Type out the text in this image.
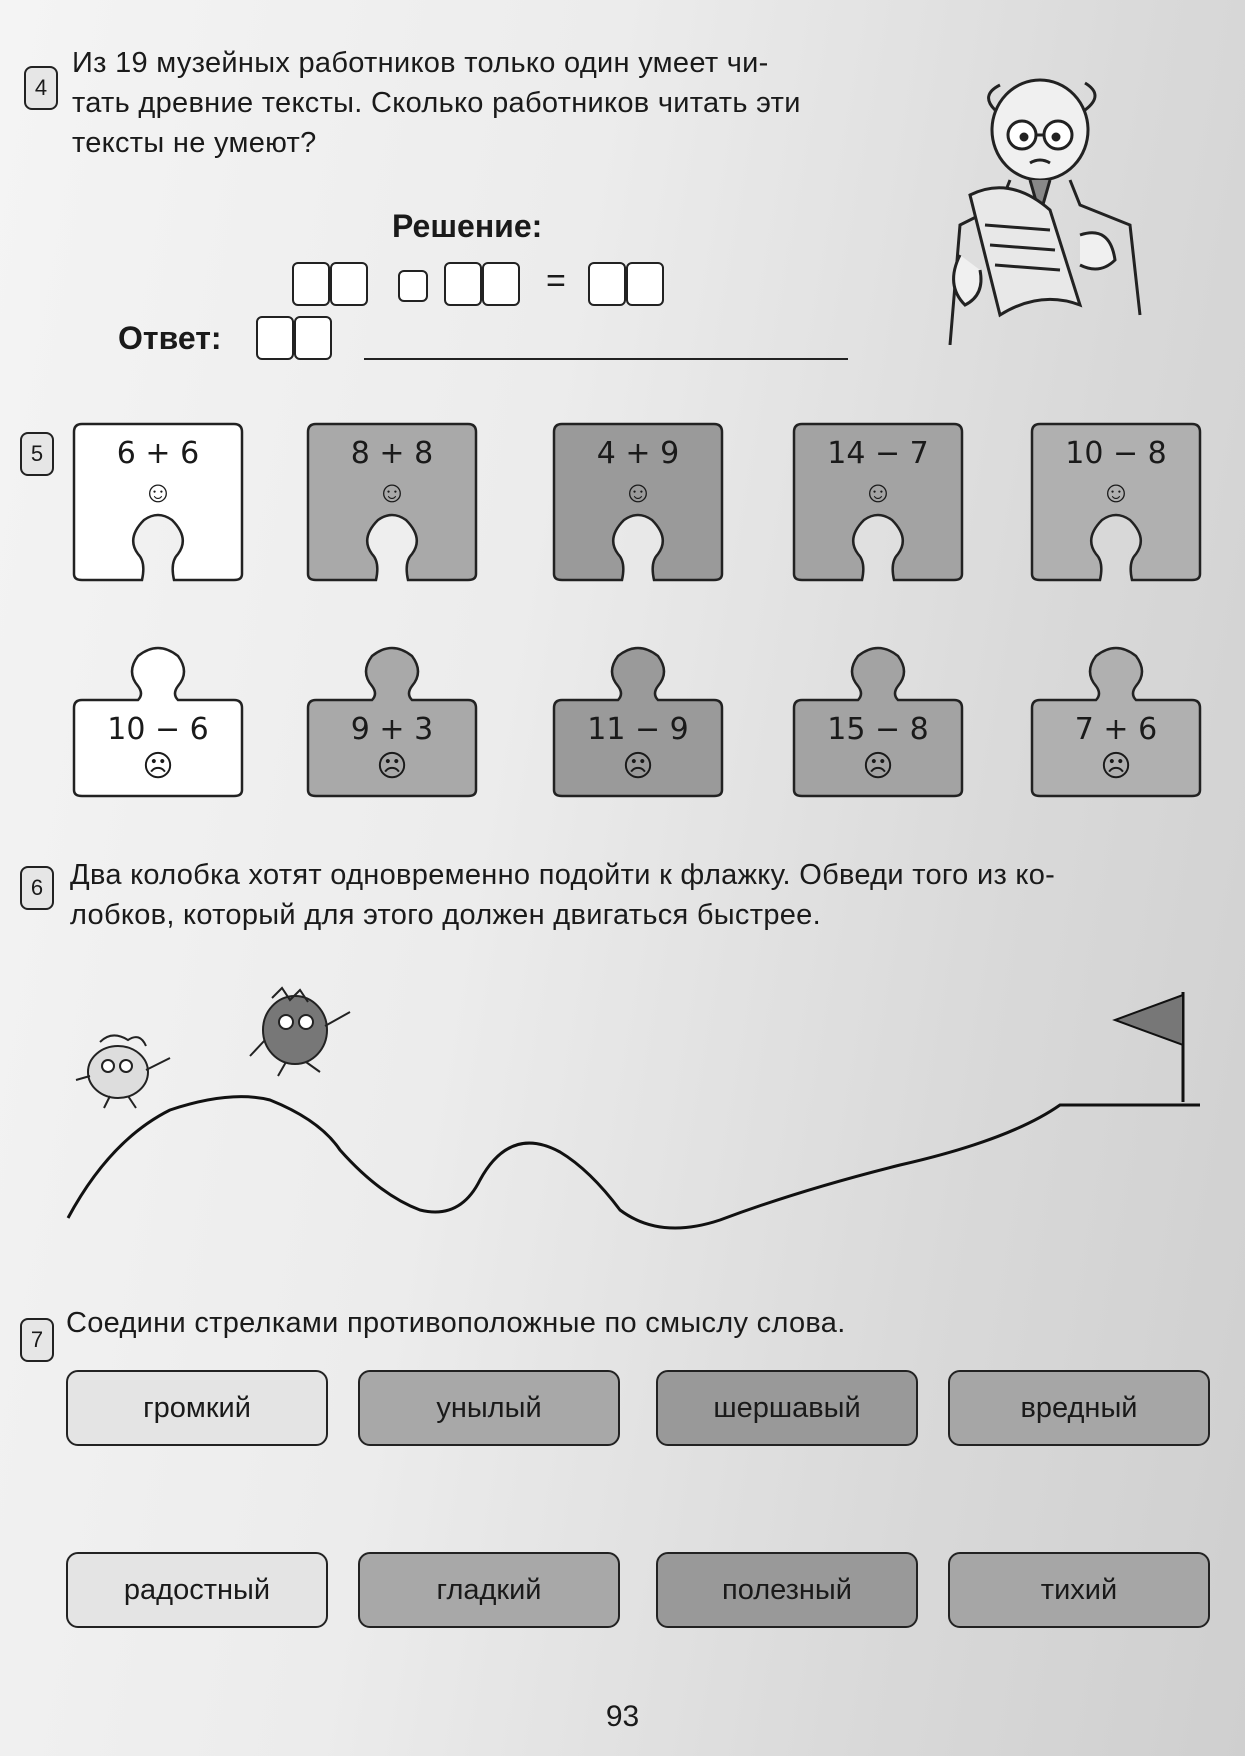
4
Из 19 музейных работников только один умеет чи-
тать древние тексты. Сколько работников читать эти
тексты не умеют?
Решение:
=
Ответ:
5	6 + 6
☺
8 + 8
☺
4 + 9
☺
14 − 7
☺
10 − 8
☺
10 − 6
☹
9 + 3
☹
11 − 9
☹
15 − 8
☹
7 + 6
☹
6 Два колобка хотят одновременно подойти к флажку. Обведи того из ко-
лобков, который для этого должен двигаться быстрее.
7
Соедини стрелками противоположные по смыслу слова.
громкий	унылый	шершавый	вредный
радостный	гладкий	полезный	тихий
93
